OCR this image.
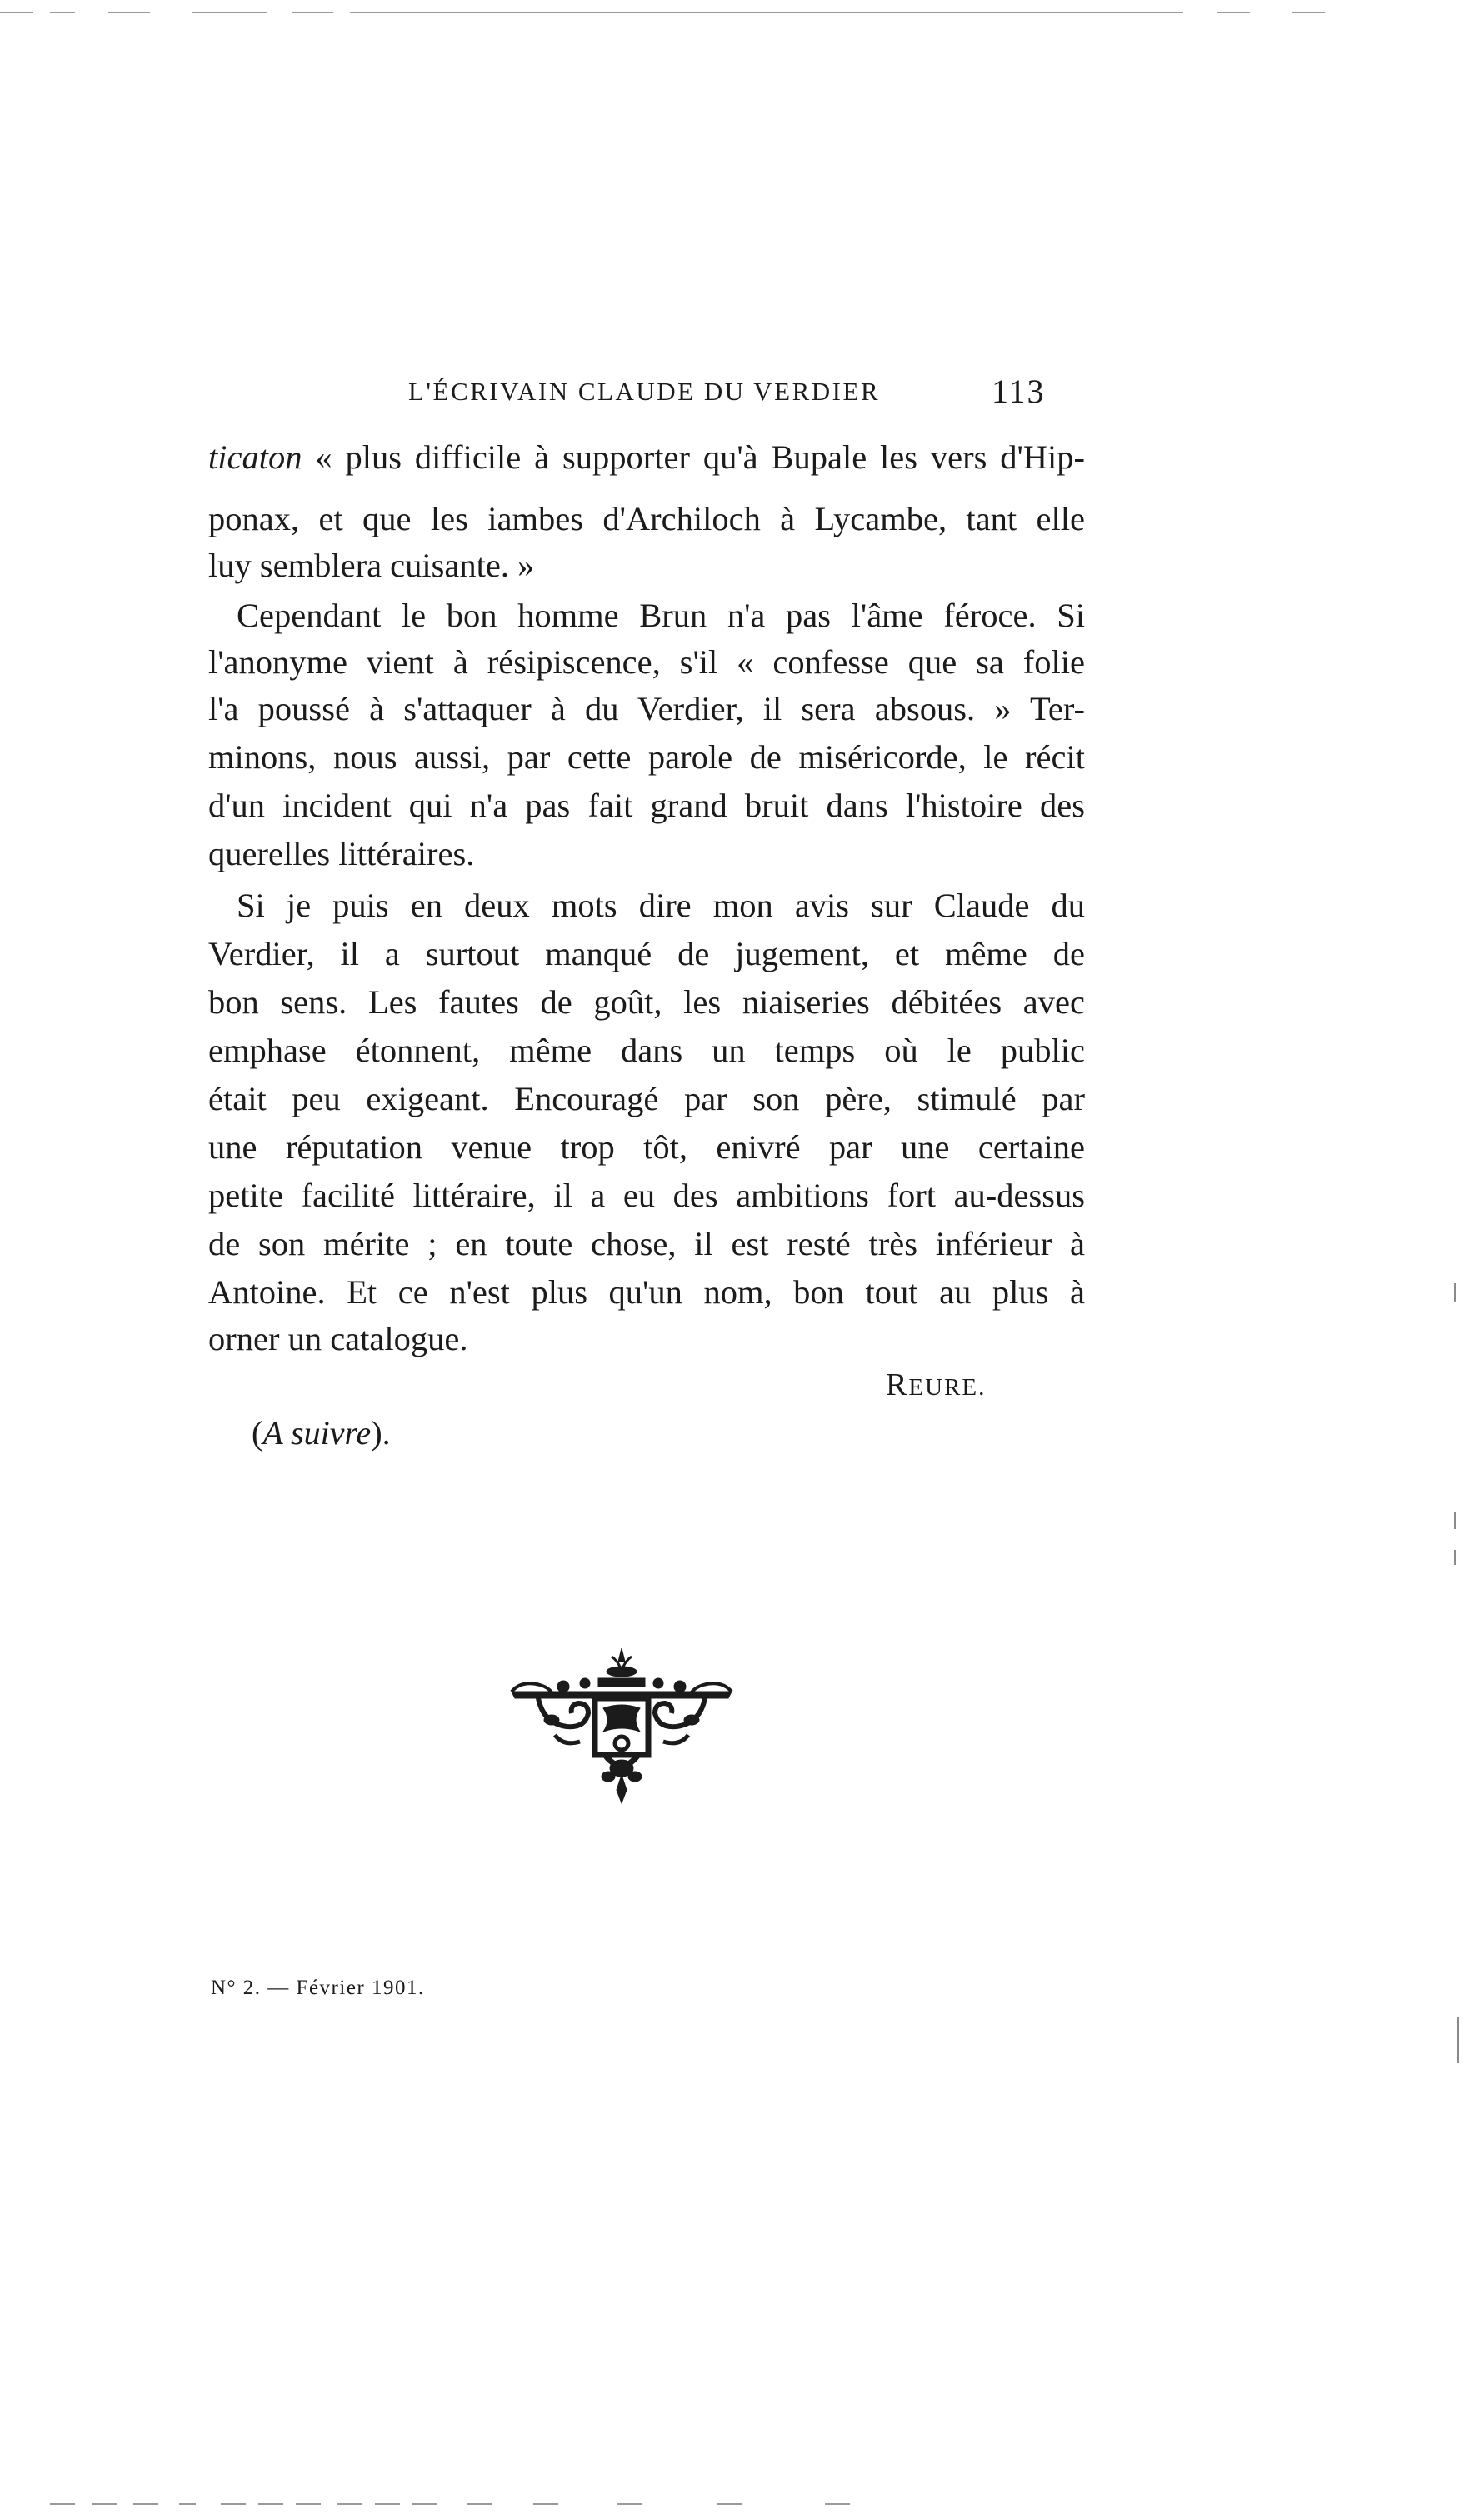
L'ÉCRIVAIN CLAUDE DU VERDIER	113
ticaton « plus difficile à supporter qu'à Bupale les vers d'Hip-
ponax, et que les iambes d'Archiloch à Lycambe, tant elle
luy semblera cuisante. »
Cependant le bon homme Brun n'a pas l'âme féroce. Si
l'anonyme vient à résipiscence, s'il « confesse que sa folie
l'a poussé à s'attaquer à du Verdier, il sera absous. » Ter-
minons, nous aussi, par cette parole de miséricorde, le récit
d'un incident qui n'a pas fait grand bruit dans l'histoire des
querelles littéraires.
Si je puis en deux mots dire mon avis sur Claude du
Verdier, il a surtout manqué de jugement, et même de
bon sens. Les fautes de goût, les niaiseries débitées avec
emphase étonnent, même dans un temps où le public
était peu exigeant. Encouragé par son père, stimulé par
une réputation venue trop tôt, enivré par une certaine
petite facilité littéraire, il a eu des ambitions fort au-dessus
de son mérite ; en toute chose, il est resté très inférieur à
Antoine. Et ce n'est plus qu'un nom, bon tout au plus à
orner un catalogue.
REURE.
(A suivre).
N° 2. — Février 1901.
